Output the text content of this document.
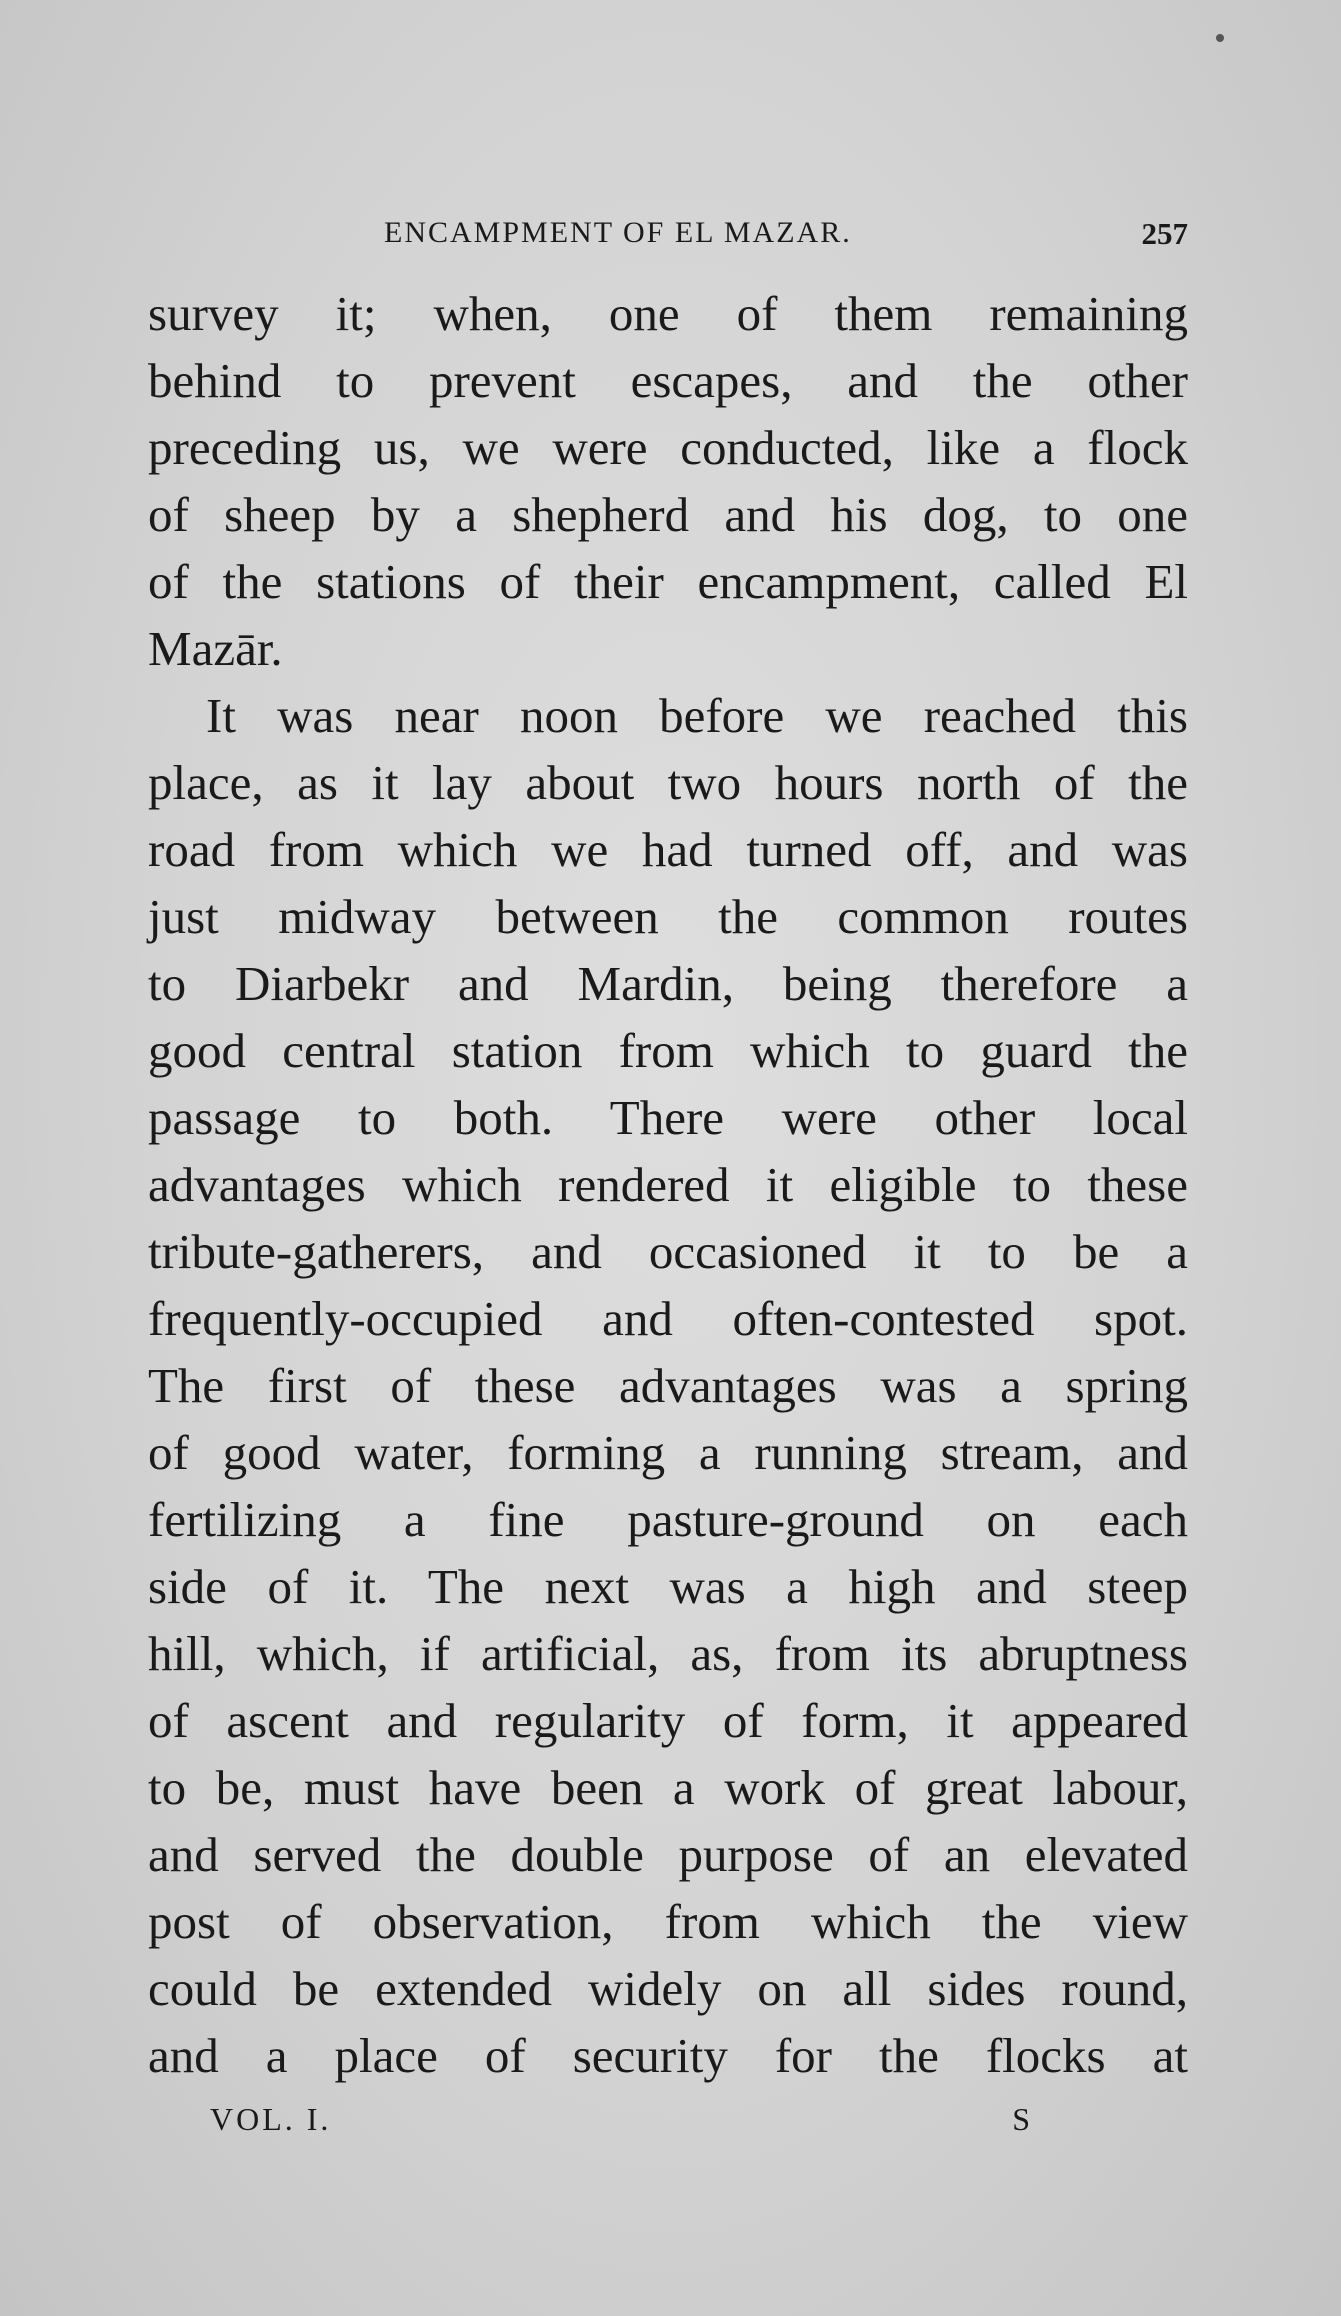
ENCAMPMENT OF EL MAZAR.	257
survey it; when, one of them remaining
behind to prevent escapes, and the other
preceding us, we were conducted, like a flock
of sheep by a shepherd and his dog, to one
of the stations of their encampment, called El
Mazār.
It was near noon before we reached this
place, as it lay about two hours north of the
road from which we had turned off, and was
just midway between the common routes
to Diarbekr and Mardin, being therefore a
good central station from which to guard the
passage to both. There were other local
advantages which rendered it eligible to these
tribute-gatherers, and occasioned it to be a
frequently-occupied and often-contested spot.
The first of these advantages was a spring
of good water, forming a running stream, and
fertilizing a fine pasture-ground on each
side of it. The next was a high and steep
hill, which, if artificial, as, from its abruptness
of ascent and regularity of form, it appeared
to be, must have been a work of great labour,
and served the double purpose of an elevated
post of observation, from which the view
could be extended widely on all sides round,
and a place of security for the flocks at
VOL. I.	S
